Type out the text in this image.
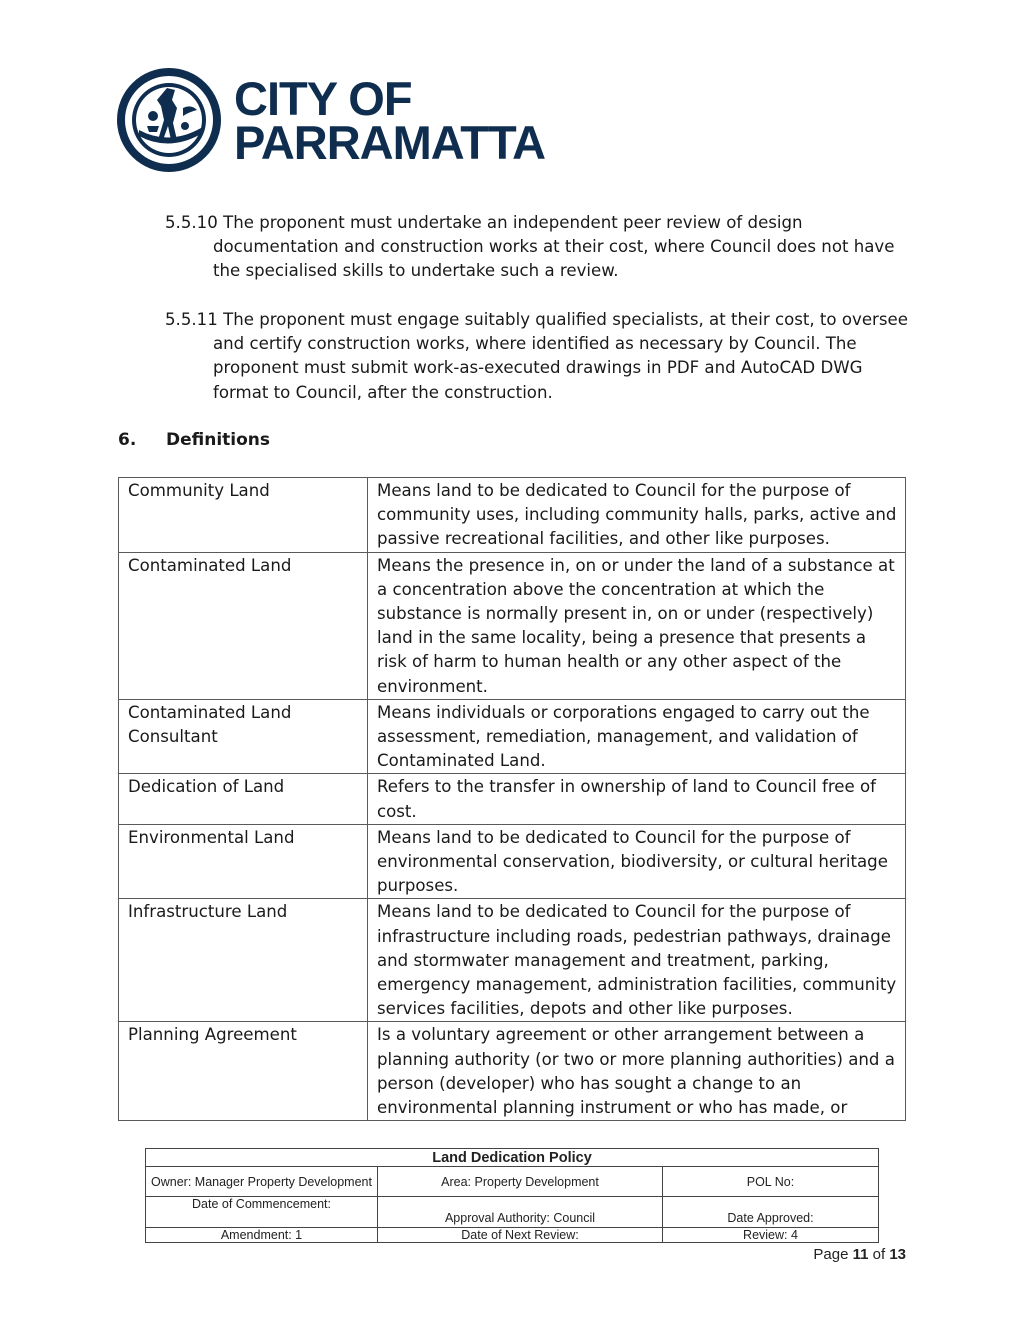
CITY OF
PARRAMATTA
5.5.10 The proponent must undertake an independent peer review of design documentation and construction works at their cost, where Council does not have the specialised skills to undertake such a review.
5.5.11 The proponent must engage suitably qualified specialists, at their cost, to oversee and certify construction works, where identified as necessary by Council. The proponent must submit work-as-executed drawings in PDF and AutoCAD DWG format to Council, after the construction.
6. Definitions
Community Land	Means land to be dedicated to Council for the purpose of community uses, including community halls, parks, active and passive recreational facilities, and other like purposes.
Contaminated Land	Means the presence in, on or under the land of a substance at a concentration above the concentration at which the substance is normally present in, on or under (respectively) land in the same locality, being a presence that presents a risk of harm to human health or any other aspect of the environment.
Contaminated Land Consultant	Means individuals or corporations engaged to carry out the assessment, remediation, management, and validation of Contaminated Land.
Dedication of Land	Refers to the transfer in ownership of land to Council free of cost.
Environmental Land	Means land to be dedicated to Council for the purpose of environmental conservation, biodiversity, or cultural heritage purposes.
Infrastructure Land	Means land to be dedicated to Council for the purpose of infrastructure including roads, pedestrian pathways, drainage and stormwater management and treatment, parking, emergency management, administration facilities, community services facilities, depots and other like purposes.
Planning Agreement	Is a voluntary agreement or other arrangement between a planning authority (or two or more planning authorities) and a person (developer) who has sought a change to an environmental planning instrument or who has made, or
Land Dedication Policy		
Owner: Manager Property Development	Area: Property Development	POL No:
Date of Commencement:	Approval Authority: Council	Date Approved:
Amendment: 1	Date of Next Review:	Review: 4
Page 11 of 13
